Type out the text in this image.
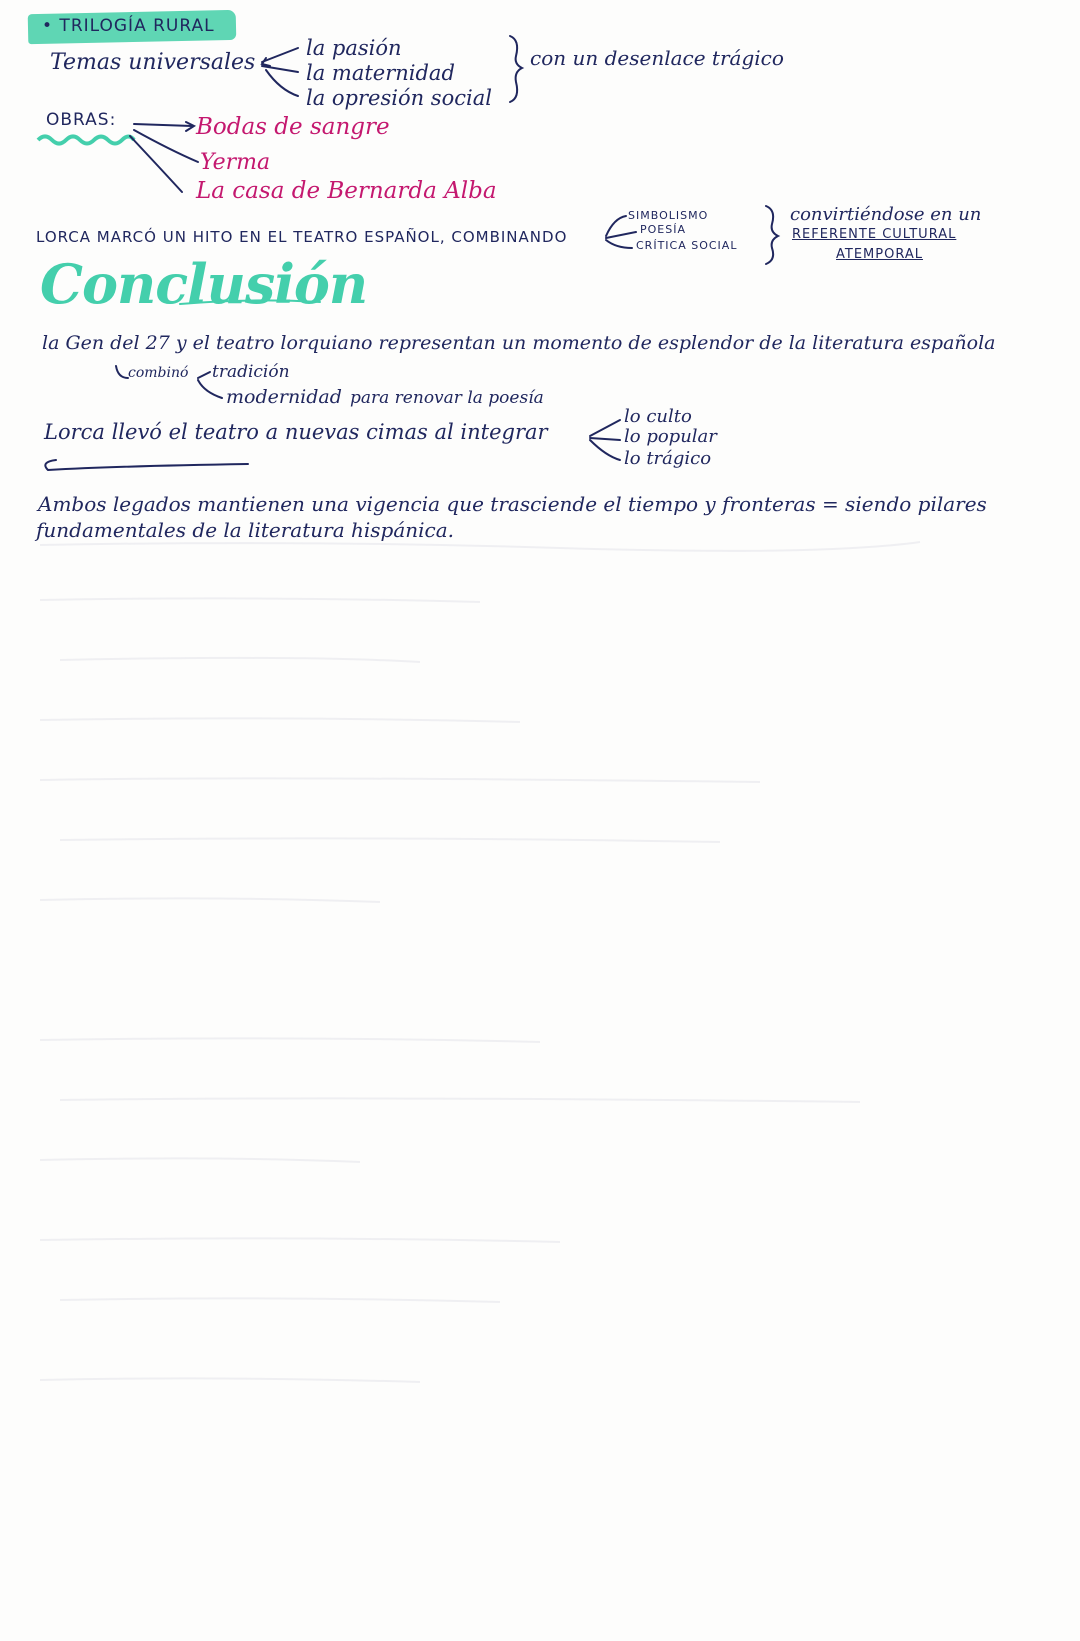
• TRILOGÍA RURAL
Temas universales
la pasión
la maternidad
la opresión social
con un desenlace trágico
OBRAS:	Bodas de sangre
Yerma
La casa de Bernarda Alba
LORCA MARCÓ UN HITO EN EL TEATRO ESPAÑOL, COMBINANDO
SIMBOLISMO
POESÍA
CRÍTICA SOCIAL
convirtiéndose en un
REFERENTE CULTURAL
ATEMPORAL
Conclusión
la Gen del 27 y el teatro lorquiano representan un momento de esplendor de la literatura española
combinó tradición
modernidad para renovar la poesía
Lorca llevó el teatro a nuevas cimas al integrar
lo culto
lo popular
lo trágico
Ambos legados mantienen una vigencia que trasciende el tiempo y fronteras = siendo pilares
fundamentales de la literatura hispánica.
